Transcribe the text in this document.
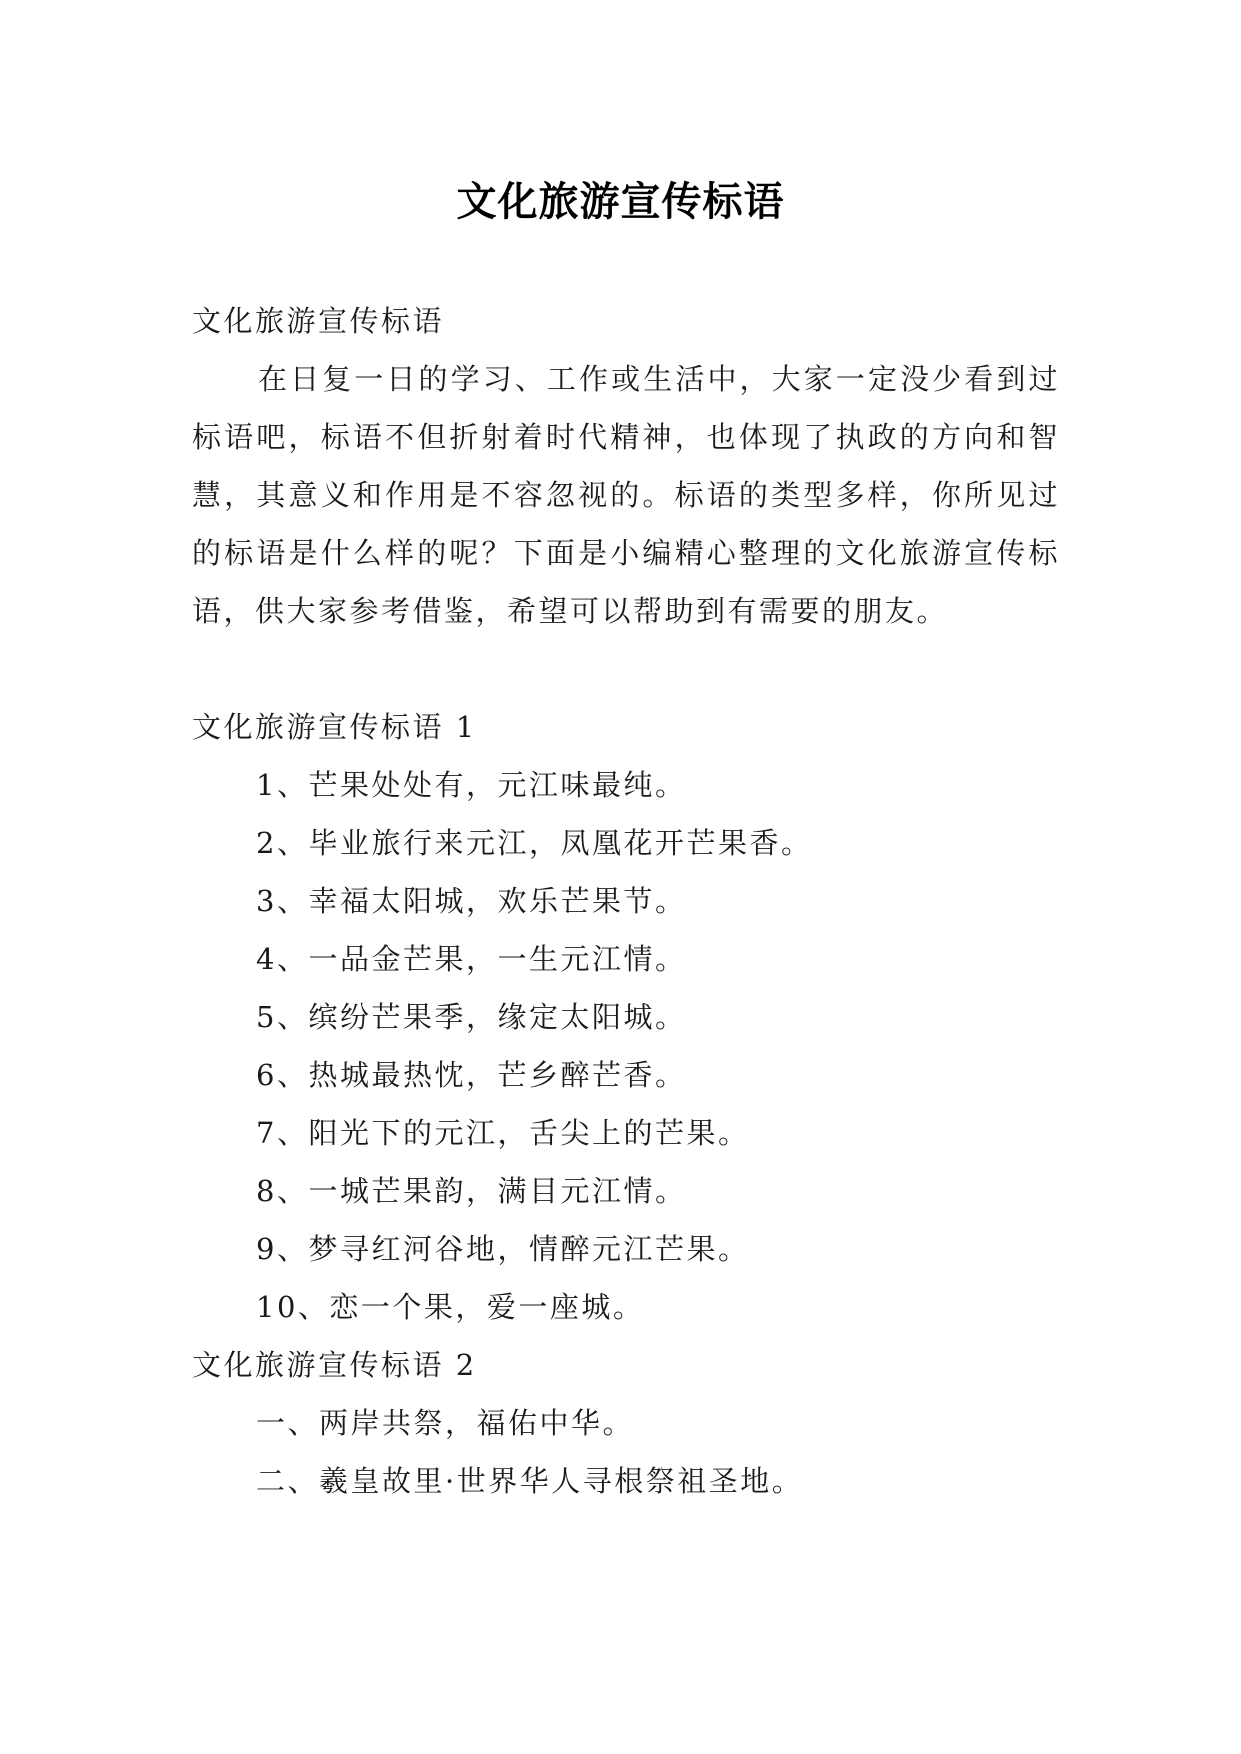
文化旅游宣传标语

文化旅游宣传标语

在日复一日的学习、工作或生活中，大家一定没少看到过标语吧，标语不但折射着时代精神，也体现了执政的方向和智慧，其意义和作用是不容忽视的。标语的类型多样，你所见过的标语是什么样的呢？下面是小编精心整理的文化旅游宣传标语，供大家参考借鉴，希望可以帮助到有需要的朋友。

文化旅游宣传标语 1

1、芒果处处有，元江味最纯。

2、毕业旅行来元江，凤凰花开芒果香。

3、幸福太阳城，欢乐芒果节。

4、一品金芒果，一生元江情。

5、缤纷芒果季，缘定太阳城。

6、热城最热忱，芒乡醉芒香。

7、阳光下的元江，舌尖上的芒果。

8、一城芒果韵，满目元江情。

9、梦寻红河谷地，情醉元江芒果。

10、恋一个果，爱一座城。

文化旅游宣传标语 2

一、两岸共祭，福佑中华。

二、羲皇故里·世界华人寻根祭祖圣地。
